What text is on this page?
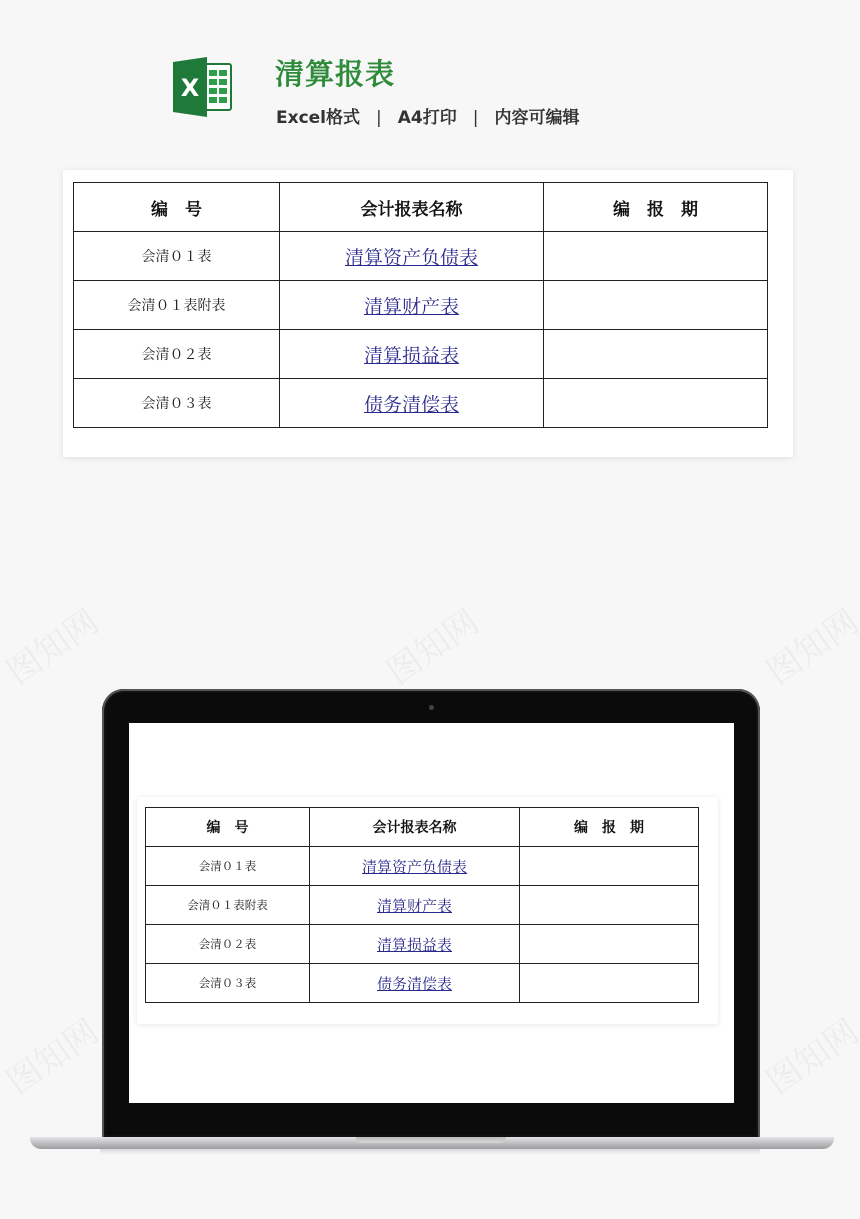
X	清算报表
Excel格式 | A4打印 | 内容可编辑
编　号	会计报表名称	编　报　期
会清０１表	清算资产负债表	
会清０１表附表	清算财产表	
会清０２表	清算损益表	
会清０３表	债务清偿表	
编　号	会计报表名称	编　报　期
会清０１表	清算资产负债表	
会清０１表附表	清算财产表	
会清０２表	清算损益表	
会清０３表	债务清偿表	
